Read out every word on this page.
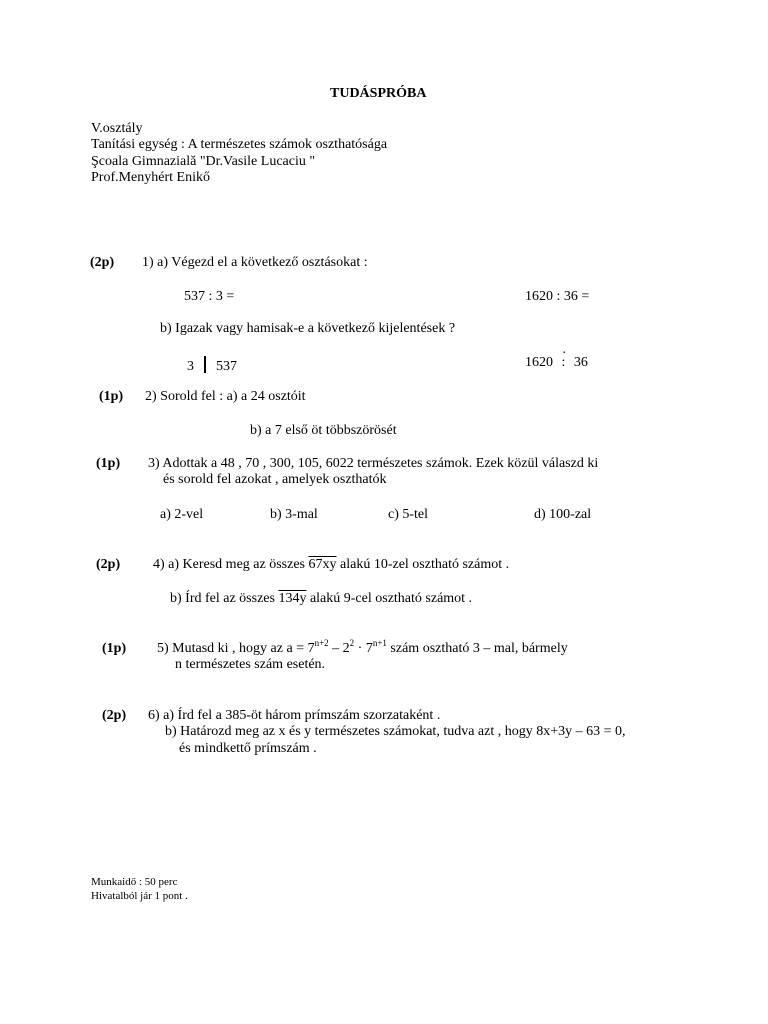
TUDÁSPRÓBA
V.osztály
Tanítási egység : A természetes számok oszthatósága
Şcoala Gimnazială "Dr.Vasile Lucaciu "
Prof.Menyhért Enikő
(2p) 1) a) Végezd el a következő osztásokat :
537 : 3 =	1620 : 36 =
b) Igazak vagy hamisak-e a következő kijelentések ?
3 537	1620
.
: 36
(1p) 2) Sorold fel : a) a 24 osztóit
b) a 7 első öt többszörösét
(1p) 3) Adottak a 48 , 70 , 300, 105, 6022 természetes számok. Ezek közül válaszd ki
és sorold fel azokat , amelyek oszthatók
a) 2-vel	b) 3-mal	c) 5-tel	d) 100-zal
(2p) 4) a) Keresd meg az összes 67xy alakú 10-zel osztható számot .
b) Írd fel az összes 134y alakú 9-cel osztható számot .
(1p) 5) Mutasd ki , hogy az $a = 7^{n+2} - 2^2 \cdot 7^{n+1}$ szám osztható 3 – mal, bármely
n természetes szám esetén.
(2p) 6) a) Írd fel a 385-öt három prímszám szorzataként .
b) Határozd meg az x és y természetes számokat, tudva azt , hogy 8x+3y – 63 = 0,
és mindkettő prímszám .
Munkaidő : 50 perc
Hivatalból jár 1 pont .
